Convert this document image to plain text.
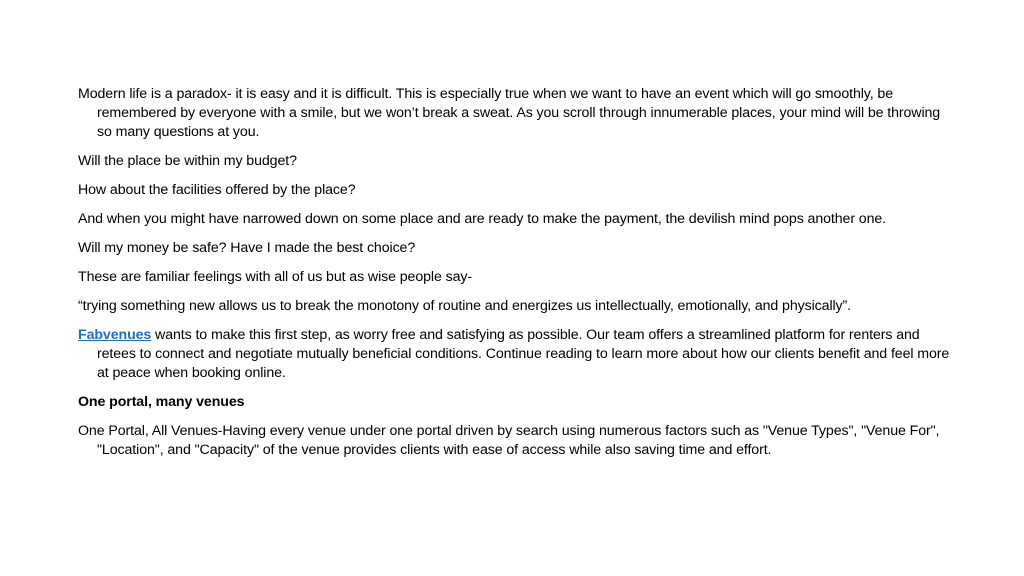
Modern life is a paradox- it is easy and it is difficult. This is especially true when we want to have an event which will go smoothly, be remembered by everyone with a smile, but we won’t break a sweat. As you scroll through innumerable places, your mind will be throwing so many questions at you.

Will the place be within my budget?

How about the facilities offered by the place?

And when you might have narrowed down on some place and are ready to make the payment, the devilish mind pops another one.

Will my money be safe? Have I made the best choice?

These are familiar feelings with all of us but as wise people say-

“trying something new allows us to break the monotony of routine and energizes us intellectually, emotionally, and physically”.

Fabvenues wants to make this first step, as worry free and satisfying as possible. Our team offers a streamlined platform for renters and retees to connect and negotiate mutually beneficial conditions. Continue reading to learn more about how our clients benefit and feel more at peace when booking online.

One portal, many venues

One Portal, All Venues-Having every venue under one portal driven by search using numerous factors such as "Venue Types", "Venue For", "Location", and "Capacity" of the venue provides clients with ease of access while also saving time and effort.
